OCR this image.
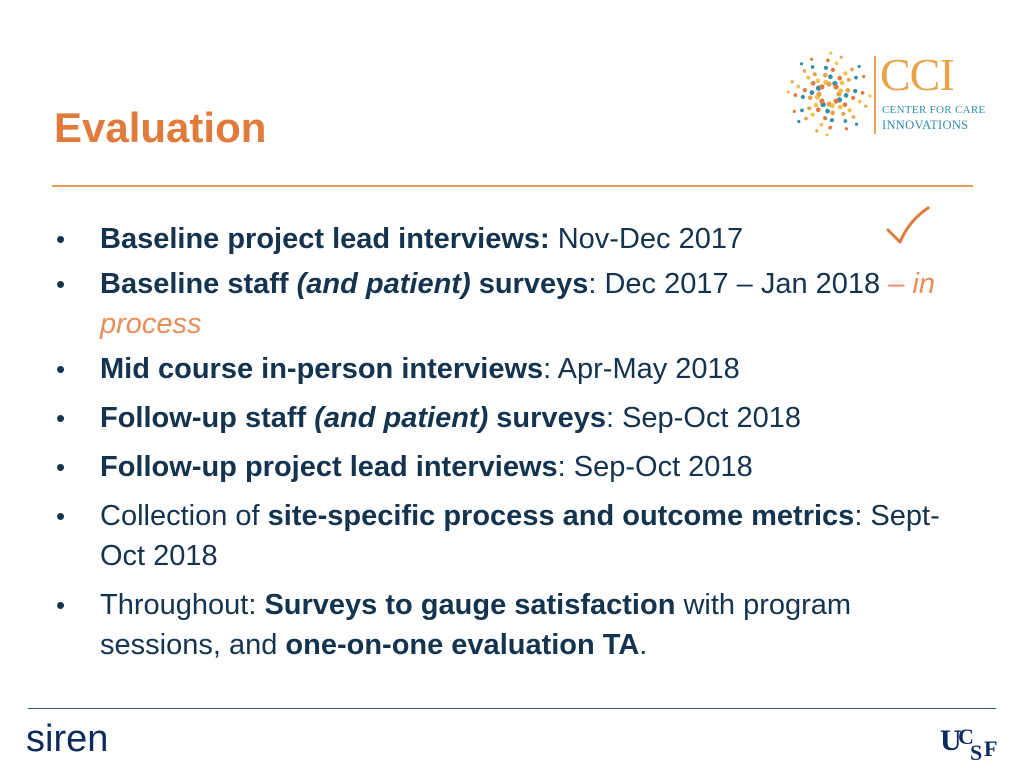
Evaluation
CCI
CENTER FOR CARE
INNOVATIONS
• Baseline project lead interviews: Nov-Dec 2017
• Baseline staff (and patient) surveys: Dec 2017 – Jan 2018 – in process
• Mid course in-person interviews: Apr-May 2018
• Follow-up staff (and patient) surveys: Sep-Oct 2018
• Follow-up project lead interviews: Sep-Oct 2018
• Collection of site-specific process and outcome metrics: Sept-Oct 2018
• Throughout: Surveys to gauge satisfaction with program sessions, and one-on-one evaluation TA.
siren	U
C
S F
